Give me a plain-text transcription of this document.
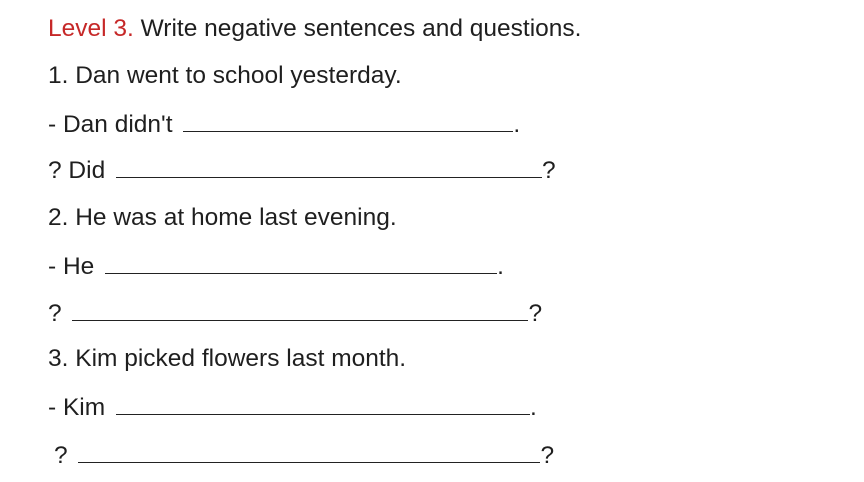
Level 3. Write negative sentences and questions.
1. Dan went to school yesterday.
- Dan didn't	.
? Did	?
2. He was at home last evening.
- He	.
?	?
3. Kim picked flowers last month.
- Kim	.
?	?
